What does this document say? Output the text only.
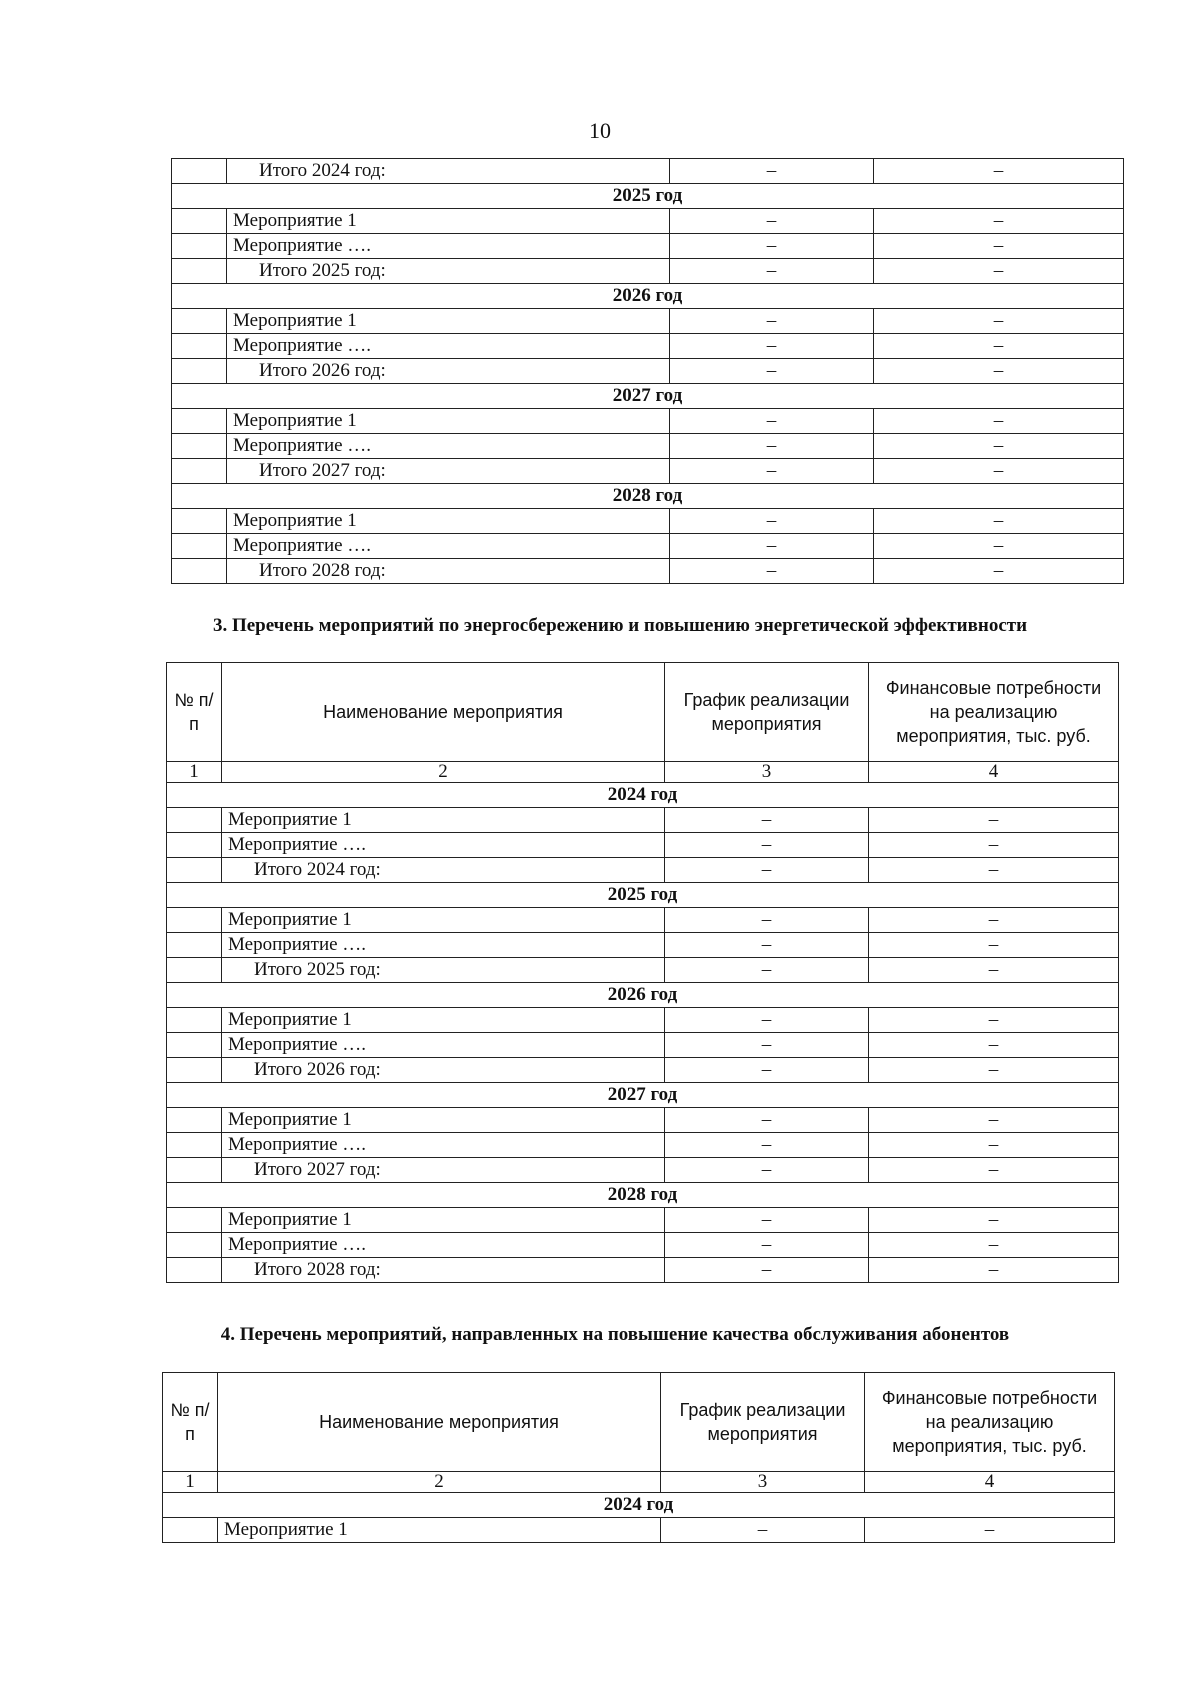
10
	Итого 2024 год:	–	–
2025 год			
	Мероприятие 1	–	–
	Мероприятие ….	–	–
	Итого 2025 год:	–	–
2026 год			
	Мероприятие 1	–	–
	Мероприятие ….	–	–
	Итого 2026 год:	–	–
2027 год			
	Мероприятие 1	–	–
	Мероприятие ….	–	–
	Итого 2027 год:	–	–
2028 год			
	Мероприятие 1	–	–
	Мероприятие ….	–	–
	Итого 2028 год:	–	–
3. Перечень мероприятий по энергосбережению и повышению энергетической эффективности
№ п/п	Наименование мероприятия	График реализации мероприятия	Финансовые потребности на реализацию мероприятия, тыс. руб.
1	2	3	4
2024 год			
	Мероприятие 1	–	–
	Мероприятие ….	–	–
	Итого 2024 год:	–	–
2025 год			
	Мероприятие 1	–	–
	Мероприятие ….	–	–
	Итого 2025 год:	–	–
2026 год			
	Мероприятие 1	–	–
	Мероприятие ….	–	–
	Итого 2026 год:	–	–
2027 год			
	Мероприятие 1	–	–
	Мероприятие ….	–	–
	Итого 2027 год:	–	–
2028 год			
	Мероприятие 1	–	–
	Мероприятие ….	–	–
	Итого 2028 год:	–	–
4. Перечень мероприятий, направленных на повышение качества обслуживания абонентов
№ п/п	Наименование мероприятия	График реализации мероприятия	Финансовые потребности на реализацию мероприятия, тыс. руб.
1	2	3	4
2024 год			
	Мероприятие 1	–	–
